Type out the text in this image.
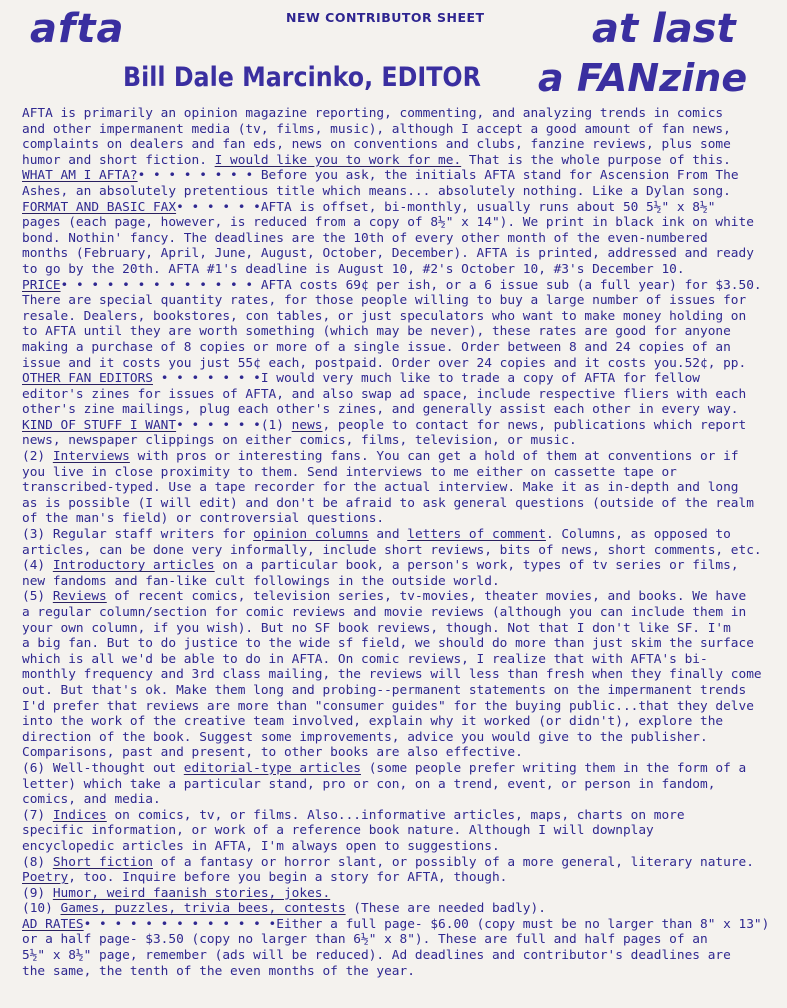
afta	NEW CONTRIBUTOR SHEET	at last
Bill Dale Marcinko, EDITOR a FANzine
AFTA is primarily an opinion magazine reporting, commenting, and analyzing trends in comics
and other impermanent media (tv, films, music), although I accept a good amount of fan news,
complaints on dealers and fan eds, news on conventions and clubs, fanzine reviews, plus some
humor and short fiction. I would like you to work for me. That is the whole purpose of this.
WHAT AM I AFTA?• • • • • • • • Before you ask, the initials AFTA stand for Ascension From The
Ashes, an absolutely pretentious title which means... absolutely nothing. Like a Dylan song.
FORMAT AND BASIC FAX• • • • • •AFTA is offset, bi-monthly, usually runs about 50 5½" x 8½"
pages (each page, however, is reduced from a copy of 8½" x 14"). We print in black ink on white
bond. Nothin' fancy. The deadlines are the 10th of every other month of the even-numbered
months (February, April, June, August, October, December). AFTA is printed, addressed and ready
to go by the 20th. AFTA #1's deadline is August 10, #2's October 10, #3's December 10.
PRICE• • • • • • • • • • • • • AFTA costs 69¢ per ish, or a 6 issue sub (a full year) for $3.50.
There are special quantity rates, for those people willing to buy a large number of issues for
resale. Dealers, bookstores, con tables, or just speculators who want to make money holding on
to AFTA until they are worth something (which may be never), these rates are good for anyone
making a purchase of 8 copies or more of a single issue. Order between 8 and 24 copies of an
issue and it costs you just 55¢ each, postpaid. Order over 24 copies and it costs you.52¢, pp.
OTHER FAN EDITORS • • • • • • •I would very much like to trade a copy of AFTA for fellow
editor's zines for issues of AFTA, and also swap ad space, include respective fliers with each
other's zine mailings, plug each other's zines, and generally assist each other in every way.
KIND OF STUFF I WANT• • • • • •(1) news, people to contact for news, publications which report
news, newspaper clippings on either comics, films, television, or music.
(2) Interviews with pros or interesting fans. You can get a hold of them at conventions or if
you live in close proximity to them. Send interviews to me either on cassette tape or
transcribed-typed. Use a tape recorder for the actual interview. Make it as in-depth and long
as is possible (I will edit) and don't be afraid to ask general questions (outside of the realm
of the man's field) or controversial questions.
(3) Regular staff writers for opinion columns and letters of comment. Columns, as opposed to
articles, can be done very informally, include short reviews, bits of news, short comments, etc.
(4) Introductory articles on a particular book, a person's work, types of tv series or films,
new fandoms and fan-like cult followings in the outside world.
(5) Reviews of recent comics, television series, tv-movies, theater movies, and books. We have
a regular column/section for comic reviews and movie reviews (although you can include them in
your own column, if you wish). But no SF book reviews, though. Not that I don't like SF. I'm
a big fan. But to do justice to the wide sf field, we should do more than just skim the surface
which is all we'd be able to do in AFTA. On comic reviews, I realize that with AFTA's bi-
monthly frequency and 3rd class mailing, the reviews will less than fresh when they finally come
out. But that's ok. Make them long and probing--permanent statements on the impermanent trends
I'd prefer that reviews are more than "consumer guides" for the buying public...that they delve
into the work of the creative team involved, explain why it worked (or didn't), explore the
direction of the book. Suggest some improvements, advice you would give to the publisher.
Comparisons, past and present, to other books are also effective.
(6) Well-thought out editorial-type articles (some people prefer writing them in the form of a
letter) which take a particular stand, pro or con, on a trend, event, or person in fandom,
comics, and media.
(7) Indices on comics, tv, or films. Also...informative articles, maps, charts on more
specific information, or work of a reference book nature. Although I will downplay
encyclopedic articles in AFTA, I'm always open to suggestions.
(8) Short fiction of a fantasy or horror slant, or possibly of a more general, literary nature.
Poetry, too. Inquire before you begin a story for AFTA, though.
(9) Humor, weird faanish stories, jokes.
(10) Games, puzzles, trivia bees, contests (These are needed badly).
AD RATES• • • • • • • • • • • • •Either a full page- $6.00 (copy must be no larger than 8" x 13")
or a half page- $3.50 (copy no larger than 6½" x 8"). These are full and half pages of an
5½" x 8½" page, remember (ads will be reduced). Ad deadlines and contributor's deadlines are
the same, the tenth of the even months of the year.
